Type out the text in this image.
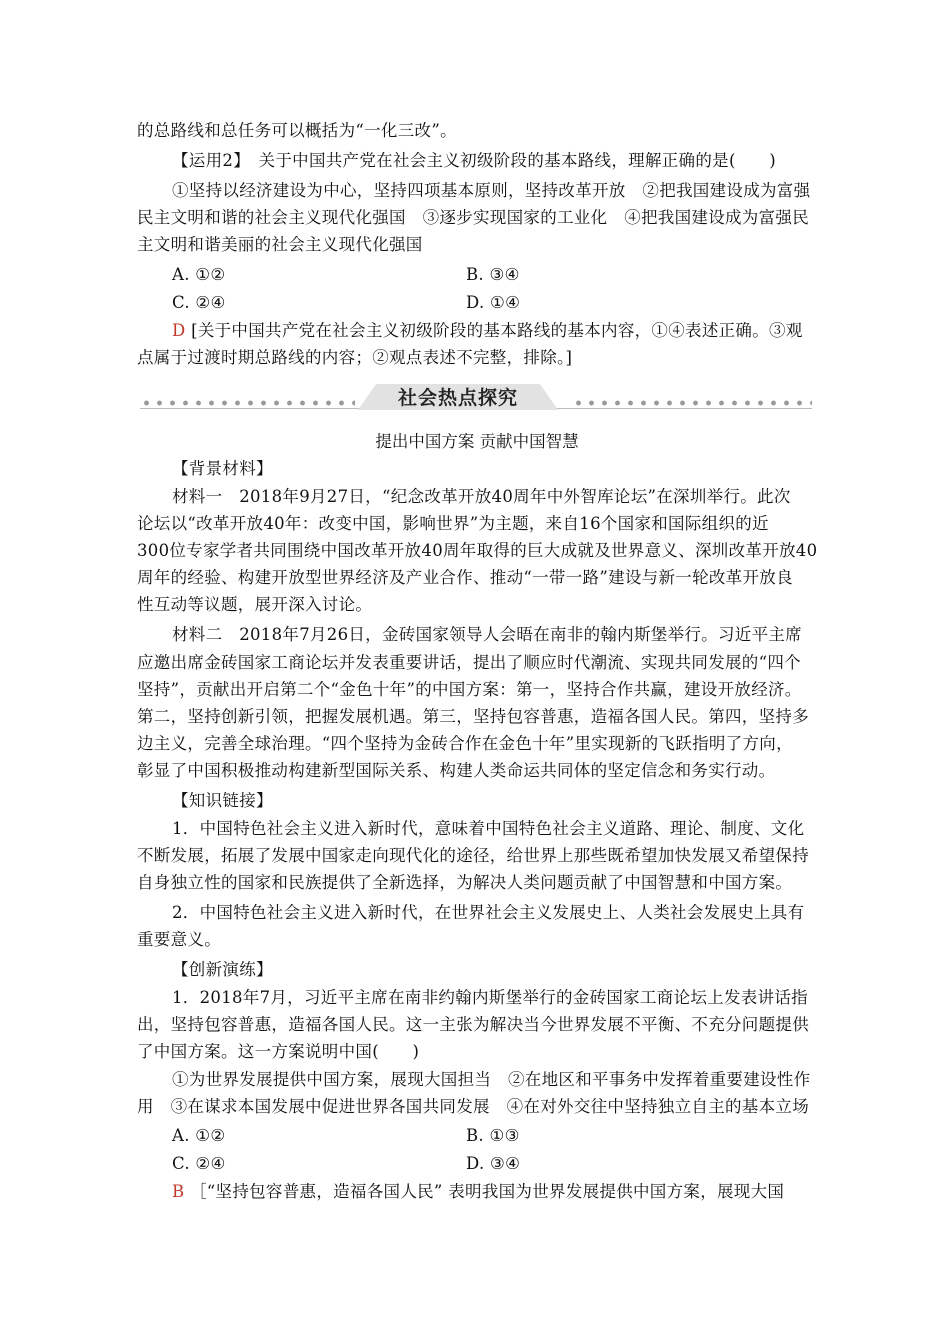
的总路线和总任务可以概括为“一化三改”。
【运用2】　关于中国共产党在社会主义初级阶段的基本路线，理解正确的是(　　)
①坚持以经济建设为中心，坚持四项基本原则，坚持改革开放　②把我国建设成为富强
民主文明和谐的社会主义现代化强国　③逐步实现国家的工业化　④把我国建设成为富强民
主文明和谐美丽的社会主义现代化强国
A. ①②	B. ③④
C. ②④	D. ①④
D [关于中国共产党在社会主义初级阶段的基本路线的基本内容，①④表述正确。③观
点属于过渡时期总路线的内容；②观点表述不完整，排除。]
社会热点探究
提出中国方案 贡献中国智慧
【背景材料】
材料一　2018年9月27日，“纪念改革开放40周年中外智库论坛”在深圳举行。此次
论坛以“改革开放40年：改变中国，影响世界”为主题，来自16个国家和国际组织的近
300位专家学者共同围绕中国改革开放40周年取得的巨大成就及世界意义、深圳改革开放40
周年的经验、构建开放型世界经济及产业合作、推动“一带一路”建设与新一轮改革开放良
性互动等议题，展开深入讨论。
材料二　2018年7月26日，金砖国家领导人会晤在南非的翰内斯堡举行。习近平主席
应邀出席金砖国家工商论坛并发表重要讲话，提出了顺应时代潮流、实现共同发展的“四个
坚持”，贡献出开启第二个“金色十年”的中国方案：第一，坚持合作共赢，建设开放经济。
第二，坚持创新引领，把握发展机遇。第三，坚持包容普惠，造福各国人民。第四，坚持多
边主义，完善全球治理。“四个坚持为金砖合作在金色十年”里实现新的飞跃指明了方向，
彰显了中国积极推动构建新型国际关系、构建人类命运共同体的坚定信念和务实行动。
【知识链接】
1．中国特色社会主义进入新时代，意味着中国特色社会主义道路、理论、制度、文化
不断发展，拓展了发展中国家走向现代化的途径，给世界上那些既希望加快发展又希望保持
自身独立性的国家和民族提供了全新选择，为解决人类问题贡献了中国智慧和中国方案。
2．中国特色社会主义进入新时代，在世界社会主义发展史上、人类社会发展史上具有
重要意义。
【创新演练】
1．2018年7月，习近平主席在南非约翰内斯堡举行的金砖国家工商论坛上发表讲话指
出，坚持包容普惠，造福各国人民。这一主张为解决当今世界发展不平衡、不充分问题提供
了中国方案。这一方案说明中国(　　)
①为世界发展提供中国方案，展现大国担当　②在地区和平事务中发挥着重要建设性作
用　③在谋求本国发展中促进世界各国共同发展　④在对外交往中坚持独立自主的基本立场
A. ①②	B. ①③
C. ②④	D. ③④
B ［“坚持包容普惠，造福各国人民” 表明我国为世界发展提供中国方案，展现大国
